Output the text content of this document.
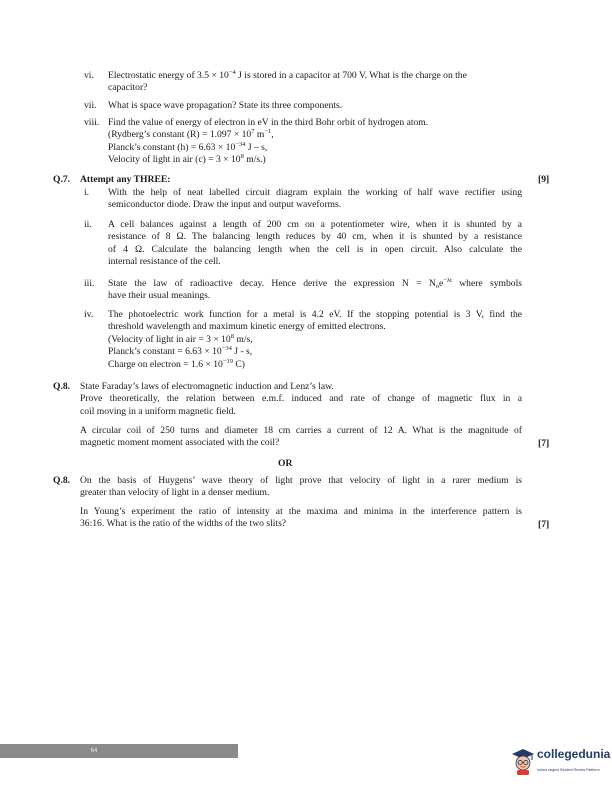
vi. Electrostatic energy of $3.5 \times 10^{-4}$ J is stored in a capacitor at 700 V. What is the charge on the
capacitor?
vii. What is space wave propagation? State its three components.
viii. Find the value of energy of electron in eV in the third Bohr orbit of hydrogen atom.
(Rydberg’s constant $(R) = 1.097 \times 10^7$ $m^{-1}$,
Planck’s constant $(h) = 6.63 \times 10^{-34}$ J – s,
Velocity of light in air $(c) = 3 \times 10^8$ m/s.)
Q.7. Attempt any THREE:	[9]
i. With the help of neat labelled circuit diagram explain the working of half wave rectifier using
semiconductor diode. Draw the input and output waveforms.
ii. A cell balances against a length of 200 cm on a potentiometer wire, when it is shunted by a
resistance of 8 Ω. The balancing length reduces by 40 cm, when it is shunted by a resistance
of 4 Ω. Calculate the balancing length when the cell is in open circuit. Also calculate the
internal resistance of the cell.
iii. State the law of radioactive decay. Hence derive the expression $N = N_oe^{-\lambda t}$ where symbols
have their usual meanings.
iv. The photoelectric work function for a metal is 4.2 eV. If the stopping potential is 3 V, find the
threshold wavelength and maximum kinetic energy of emitted electrons.
(Velocity of light in air = $3 \times 10^8$ m/s,
Planck’s constant = $6.63 \times 10^{-34}$ J - s,
Charge on electron = $1.6 \times 10^{-19}$ C)
Q.8. State Faraday’s laws of electromagnetic induction and Lenz’s law.
Prove theoretically, the relation between e.m.f. induced and rate of change of magnetic flux in a
coil moving in a uniform magnetic field.
A circular coil of 250 turns and diameter 18 cm carries a current of 12 A. What is the magnitude of
magnetic moment moment associated with the coil?	[7]
OR
Q.8. On the basis of Huygens’ wave theory of light prove that velocity of light in a rarer medium is
greater than velocity of light in a denser medium.
In Young’s experiment the ratio of intensity at the maxima and minima in the interference pattern is
36:16. What is the ratio of the widths of the two slits?	[7]
64	collegedunia
India's largest Student Review Platform
